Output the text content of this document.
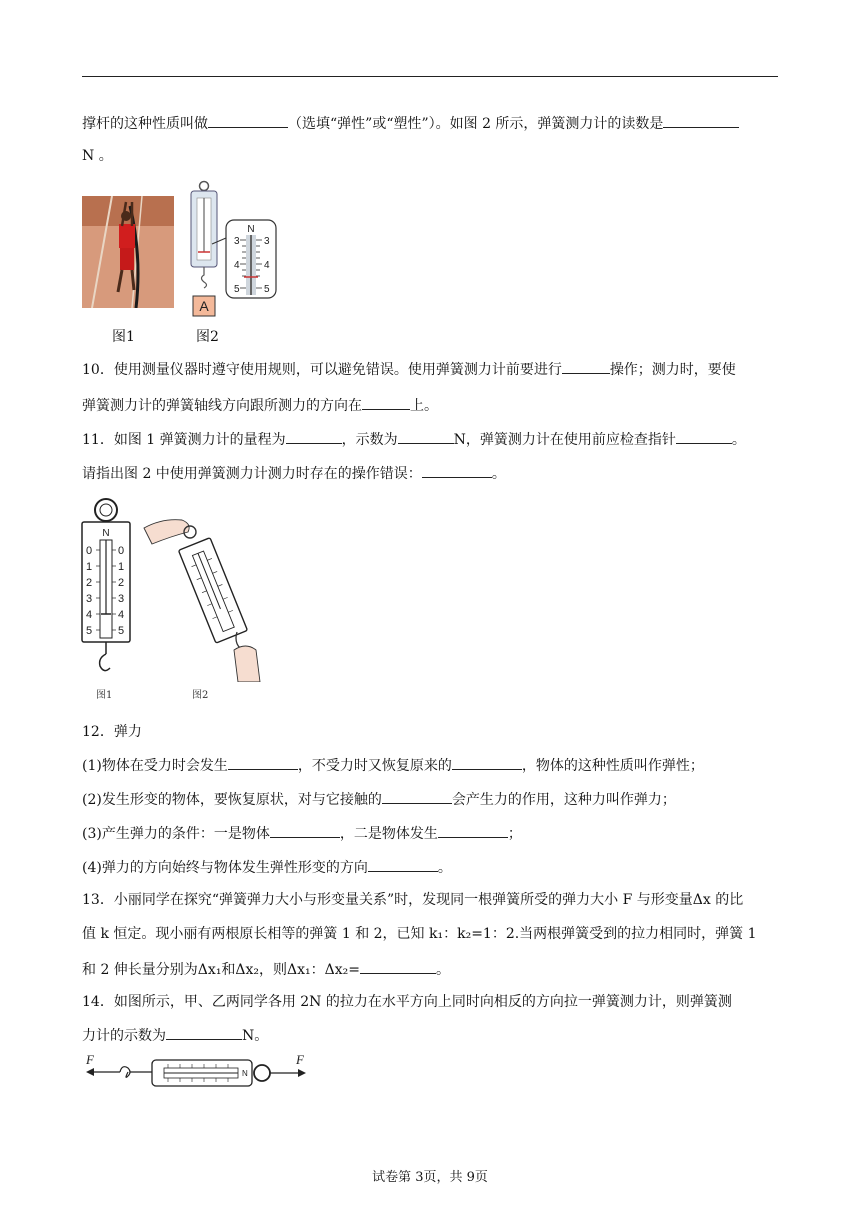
撑杆的这种性质叫做	（选填“弹性”或“塑性”）。如图 2 所示，弹簧测力计的读数是
N 。
A
N
3 3
4 4
5 5
图1	图2
10．使用测量仪器时遵守使用规则，可以避免错误。使用弹簧测力计前要进行	操作；测力时，要使
弹簧测力计的弹簧轴线方向跟所测力的方向在	上。
11．如图 1 弹簧测力计的量程为	，示数为	N，弹簧测力计在使用前应检查指针	。
请指出图 2 中使用弹簧测力计测力时存在的操作错误：	。
N
0 0
1 1
2 2
3 3
4 4
5 5
图1	图2
12．弹力
(1)物体在受力时会发生	，不受力时又恢复原来的	，物体的这种性质叫作弹性；
(2)发生形变的物体，要恢复原状，对与它接触的	会产生力的作用，这种力叫作弹力；
(3)产生弹力的条件：一是物体	，二是物体发生	；
(4)弹力的方向始终与物体发生弹性形变的方向	。
13．小丽同学在探究“弹簧弹力大小与形变量关系”时，发现同一根弹簧所受的弹力大小 F 与形变量Δx 的比
值 k 恒定。现小丽有两根原长相等的弹簧 1 和 2，已知 k₁：k₂=1：2.当两根弹簧受到的拉力相同时，弹簧 1
和 2 伸长量分别为Δx₁和Δx₂，则Δx₁：Δx₂=	。
14．如图所示，甲、乙两同学各用 2N 的拉力在水平方向上同时向相反的方向拉一弹簧测力计，则弹簧测
力计的示数为	N。
F
N
F
试卷第 3页，共 9页
